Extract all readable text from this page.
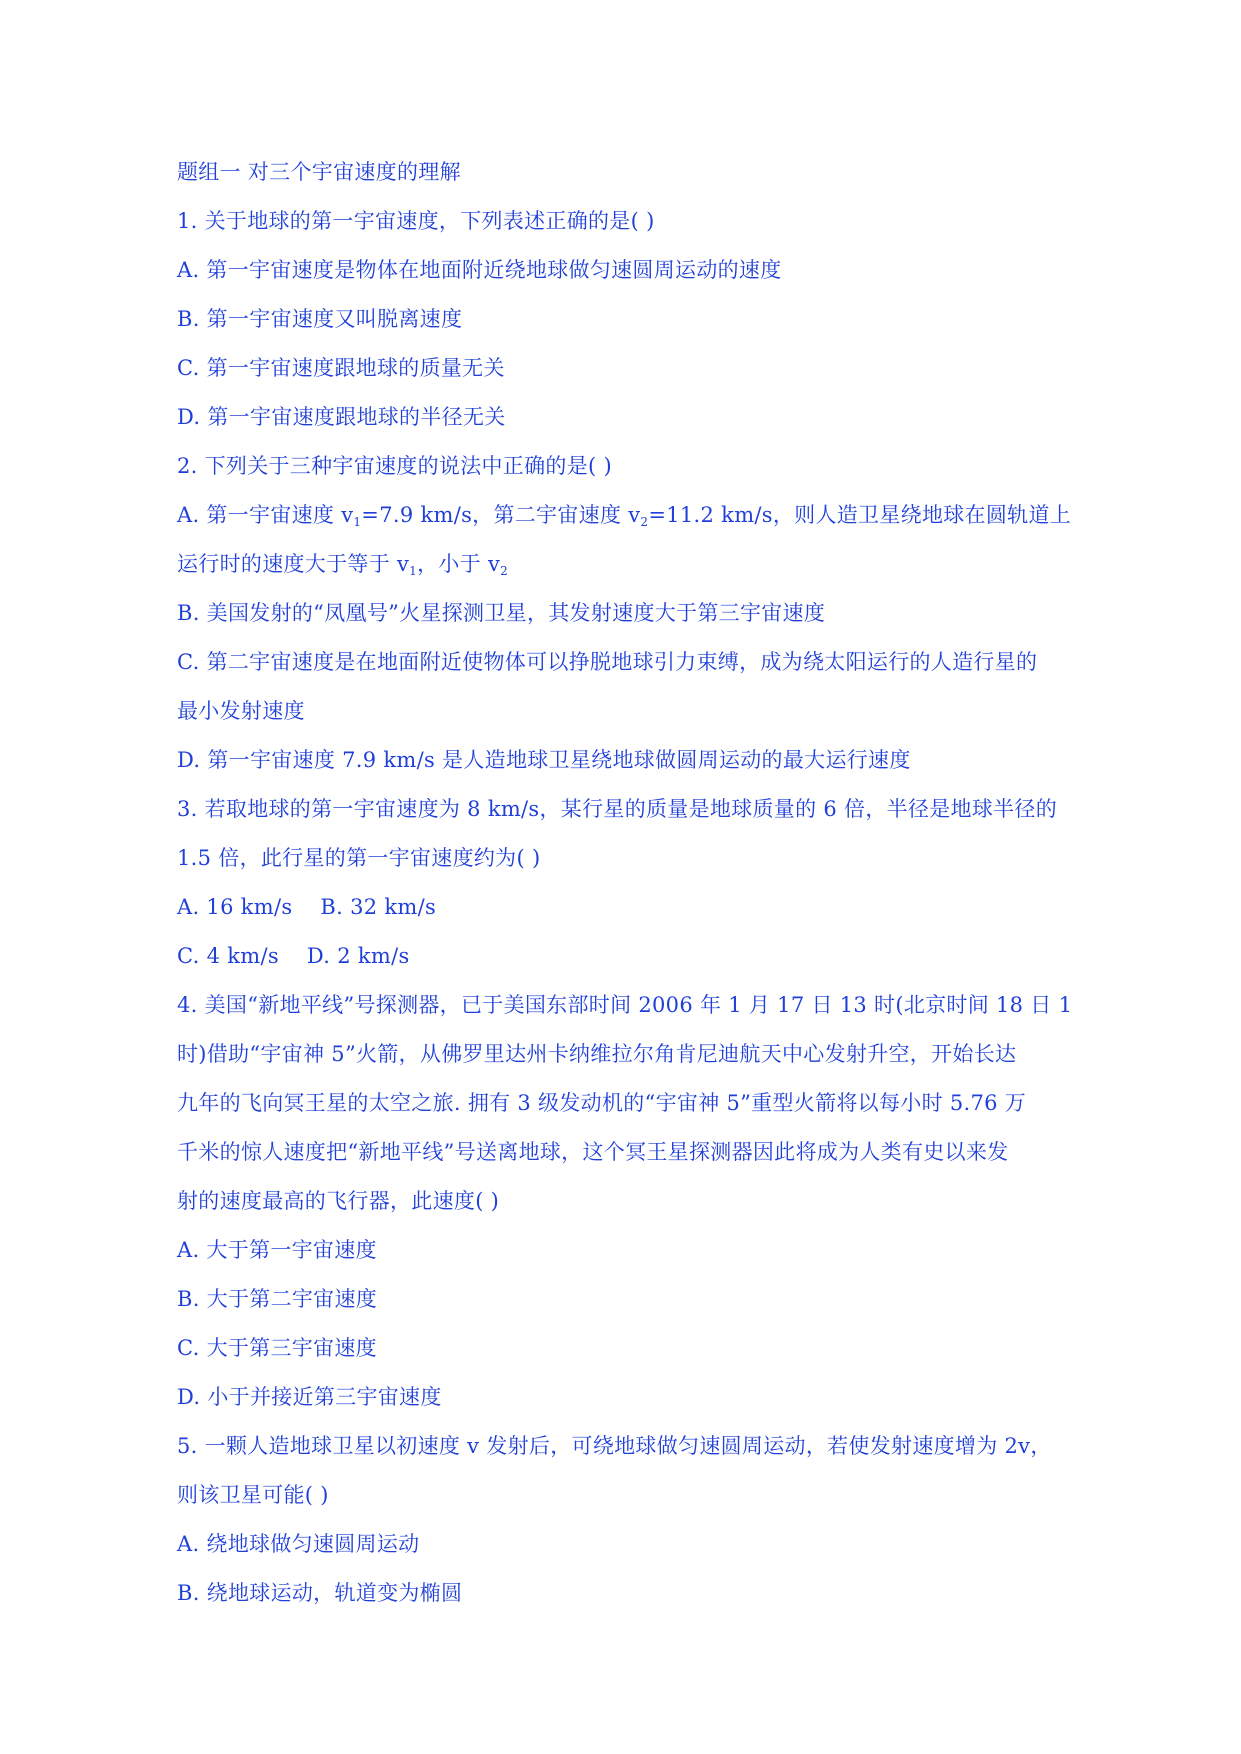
题组一 对三个宇宙速度的理解
1. 关于地球的第一宇宙速度，下列表述正确的是( )
A. 第一宇宙速度是物体在地面附近绕地球做匀速圆周运动的速度
B. 第一宇宙速度又叫脱离速度
C. 第一宇宙速度跟地球的质量无关
D. 第一宇宙速度跟地球的半径无关
2. 下列关于三种宇宙速度的说法中正确的是( )
A. 第一宇宙速度 $v_1=7.9$ km/s，第二宇宙速度 $v_2=11.2$ km/s，则人造卫星绕地球在圆轨道上
运行时的速度大于等于 $v_1$，小于 $v_2$
B. 美国发射的“凤凰号”火星探测卫星，其发射速度大于第三宇宙速度
C. 第二宇宙速度是在地面附近使物体可以挣脱地球引力束缚，成为绕太阳运行的人造行星的
最小发射速度
D. 第一宇宙速度 7.9 km/s 是人造地球卫星绕地球做圆周运动的最大运行速度
3. 若取地球的第一宇宙速度为 8 km/s，某行星的质量是地球质量的 6 倍，半径是地球半径的
1.5 倍，此行星的第一宇宙速度约为( )
A. 16 km/s B. 32 km/s
C. 4 km/s D. 2 km/s
4. 美国“新地平线”号探测器，已于美国东部时间 2006 年 1 月 17 日 13 时(北京时间 18 日 1
时)借助“宇宙神 5”火箭，从佛罗里达州卡纳维拉尔角肯尼迪航天中心发射升空，开始长达
九年的飞向冥王星的太空之旅. 拥有 3 级发动机的“宇宙神 5”重型火箭将以每小时 5.76 万
千米的惊人速度把“新地平线”号送离地球，这个冥王星探测器因此将成为人类有史以来发
射的速度最高的飞行器，此速度( )
A. 大于第一宇宙速度
B. 大于第二宇宙速度
C. 大于第三宇宙速度
D. 小于并接近第三宇宙速度
5. 一颗人造地球卫星以初速度 v 发射后，可绕地球做匀速圆周运动，若使发射速度增为 2v，
则该卫星可能( )
A. 绕地球做匀速圆周运动
B. 绕地球运动，轨道变为椭圆
